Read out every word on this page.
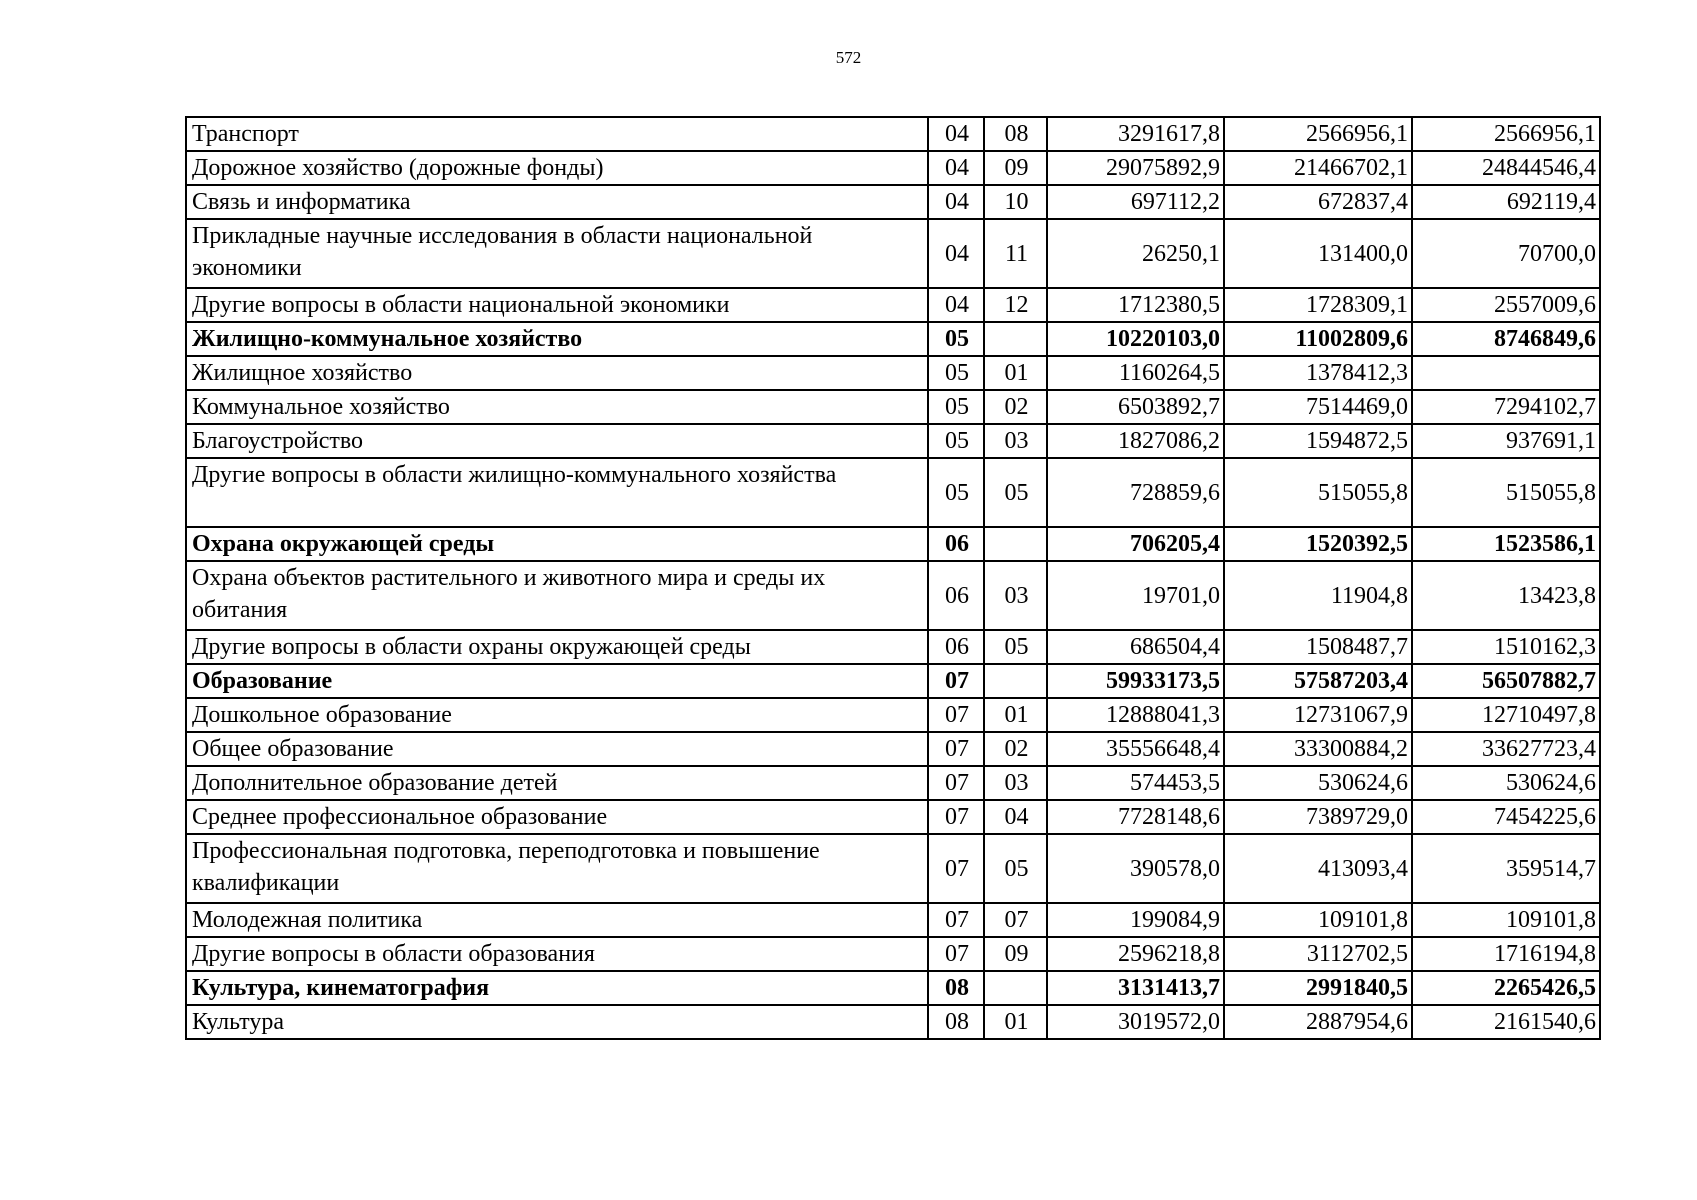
572
Транспорт	04	08	3291617,8	2566956,1	2566956,1
Дорожное хозяйство (дорожные фонды)	04	09	29075892,9	21466702,1	24844546,4
Связь и информатика	04	10	697112,2	672837,4	692119,4
Прикладные научные исследования в области национальной экономики	04	11	26250,1	131400,0	70700,0
Другие вопросы в области национальной экономики	04	12	1712380,5	1728309,1	2557009,6
Жилищно-коммунальное хозяйство	05		10220103,0	11002809,6	8746849,6
Жилищное хозяйство	05	01	1160264,5	1378412,3	
Коммунальное хозяйство	05	02	6503892,7	7514469,0	7294102,7
Благоустройство	05	03	1827086,2	1594872,5	937691,1
Другие вопросы в области жилищно-коммунального хозяйства	05	05	728859,6	515055,8	515055,8
Охрана окружающей среды	06		706205,4	1520392,5	1523586,1
Охрана объектов растительного и животного мира и среды их обитания	06	03	19701,0	11904,8	13423,8
Другие вопросы в области охраны окружающей среды	06	05	686504,4	1508487,7	1510162,3
Образование	07		59933173,5	57587203,4	56507882,7
Дошкольное образование	07	01	12888041,3	12731067,9	12710497,8
Общее образование	07	02	35556648,4	33300884,2	33627723,4
Дополнительное образование детей	07	03	574453,5	530624,6	530624,6
Среднее профессиональное образование	07	04	7728148,6	7389729,0	7454225,6
Профессиональная подготовка, переподготовка и повышение квалификации	07	05	390578,0	413093,4	359514,7
Молодежная политика	07	07	199084,9	109101,8	109101,8
Другие вопросы в области образования	07	09	2596218,8	3112702,5	1716194,8
Культура, кинематография	08		3131413,7	2991840,5	2265426,5
Культура	08	01	3019572,0	2887954,6	2161540,6
